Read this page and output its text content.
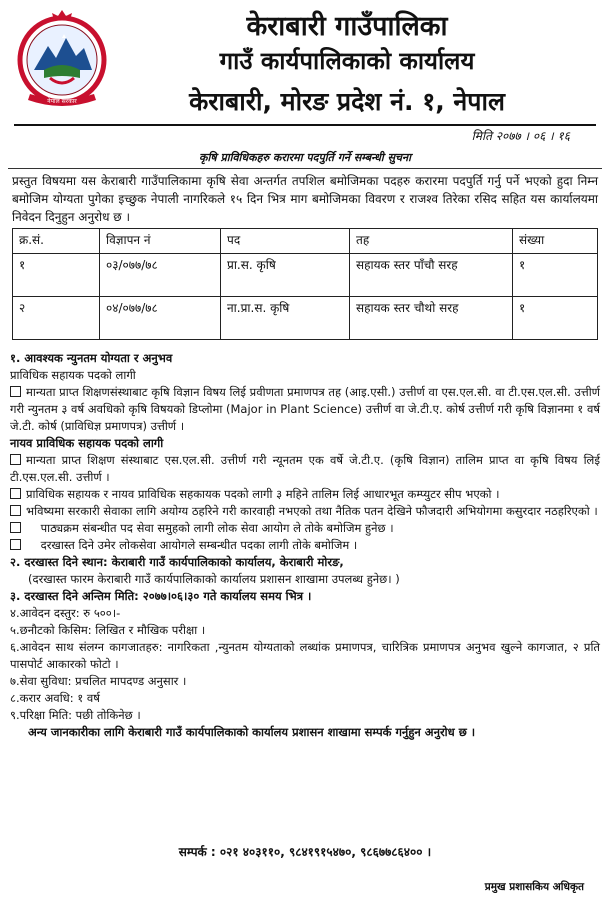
नेपाल सरकार
केराबारी गाउँपालिका
गाउँ कार्यपालिकाको कार्यालय
केराबारी, मोरङ प्रदेश नं. १, नेपाल
मिति २०७७ । ०६ । १६
कृषि प्राविधिकहरु करारमा पदपुर्ति गर्ने सम्बन्धी सुचना
प्रस्तुत विषयमा यस केराबारी गाउँपालिकामा कृषि सेवा अन्तर्गत तपशिल बमोजिमका पदहरु करारमा पदपुर्ति गर्नु पर्ने भएको हुदा निम्न बमोजिम योग्यता पुगेका इच्छुक नेपाली नागरिकले १५ दिन भित्र माग बमोजिमका विवरण र राजश्व तिरेका रसिद सहित यस कार्यालयमा निवेदन दिनुहुन अनुरोध छ ।
क्र.सं.	विज्ञापन नं	पद	तह	संख्या
१	०३/०७७/७८	प्रा.स. कृषि	सहायक स्तर पाँचौ सरह	१
२	०४/०७७/७८	ना.प्रा.स. कृषि	सहायक स्तर चौथो सरह	१

१. आवश्यक न्युनतम योग्यता र अनुभव

प्राविधिक सहायक पदको लागी

मान्यता प्राप्त शिक्षणसंस्थाबाट कृषि विज्ञान विषय लिई प्रवीणता प्रमाणपत्र तह (आइ.एसी.) उत्तीर्ण वा एस.एल.सी. वा टी.एस.एल.सी. उत्तीर्ण गरी न्युनतम ३ वर्ष अवधिको कृषि विषयको डिप्लोमा (Major in Plant Science) उत्तीर्ण वा जे.टी.ए. कोर्ष उत्तीर्ण गरी कृषि विज्ञानमा १ वर्ष जे.टी. कोर्ष (प्राविधिज्ञ प्रमाणपत्र) उत्तीर्ण ।

नायव प्राविधिक सहायक पदको लागी

मान्यता प्राप्त शिक्षण संस्थाबाट एस.एल.सी. उत्तीर्ण गरी न्यूनतम एक वर्षे जे.टी.ए. (कृषि विज्ञान) तालिम प्राप्त वा कृषि विषय लिई टी.एस.एल.सी. उत्तीर्ण ।

प्राविधिक सहायक र नायव प्राविधिक सहकायक पदको लागी ३ महिने तालिम लिई आधारभूत कम्प्युटर सीप भएको ।

भविष्यमा सरकारी सेवाका लागि अयोग्य ठहरिने गरी कारवाही नभएको तथा नैतिक पतन देखिने फौजदारी अभियोगमा कसुरदार नठहरिएको ।

पाठ्यक्रम संबन्धीत पद सेवा समुहको लागी लोक सेवा आयोग ले तोके बमोजिम हुनेछ ।

दरखास्त दिने उमेर लोकसेवा आयोगले सम्बन्धीत पदका लागी तोके बमोजिम ।

२. दरखास्त दिने स्थान: केराबारी गाउँ कार्यपालिकाको कार्यालय, केराबारी मोरङ,

(दरखास्त फारम केराबारी गाउँ कार्यपालिकाको कार्यालय प्रशासन शाखामा उपलब्ध हुनेछ। )

३. दरखास्त दिने अन्तिम मिति: २०७७।०६।३० गते कार्यालय समय भित्र ।

४.आवेदन दस्तुर: रु ५००।-

५.छनौटको किसिम: लिखित र मौखिक परीक्षा ।

६.आवेदन साथ संलग्न कागजातहरु: नागरिकता ,न्युनतम योग्यताको लब्धांक प्रमाणपत्र, चारित्रिक प्रमाणपत्र अनुभव खुल्ने कागजात, २ प्रति पासपोर्ट आकारको फोटो ।

७.सेवा सुविधा: प्रचलित मापदण्ड अनुसार ।

८.करार अवधि: १ वर्ष

९.परिक्षा मिति: पछी तोकिनेछ ।

अन्य जानकारीका लागि केराबारी गाउँ कार्यपालिकाको कार्यालय प्रशासन शाखामा सम्पर्क गर्नुहुन अनुरोध छ ।

सम्पर्क : ०२१ ४०३११०, ९८४१९१५४७०, ९८६७७८६४०० ।
प्रमुख प्रशासकिय अधिकृत
